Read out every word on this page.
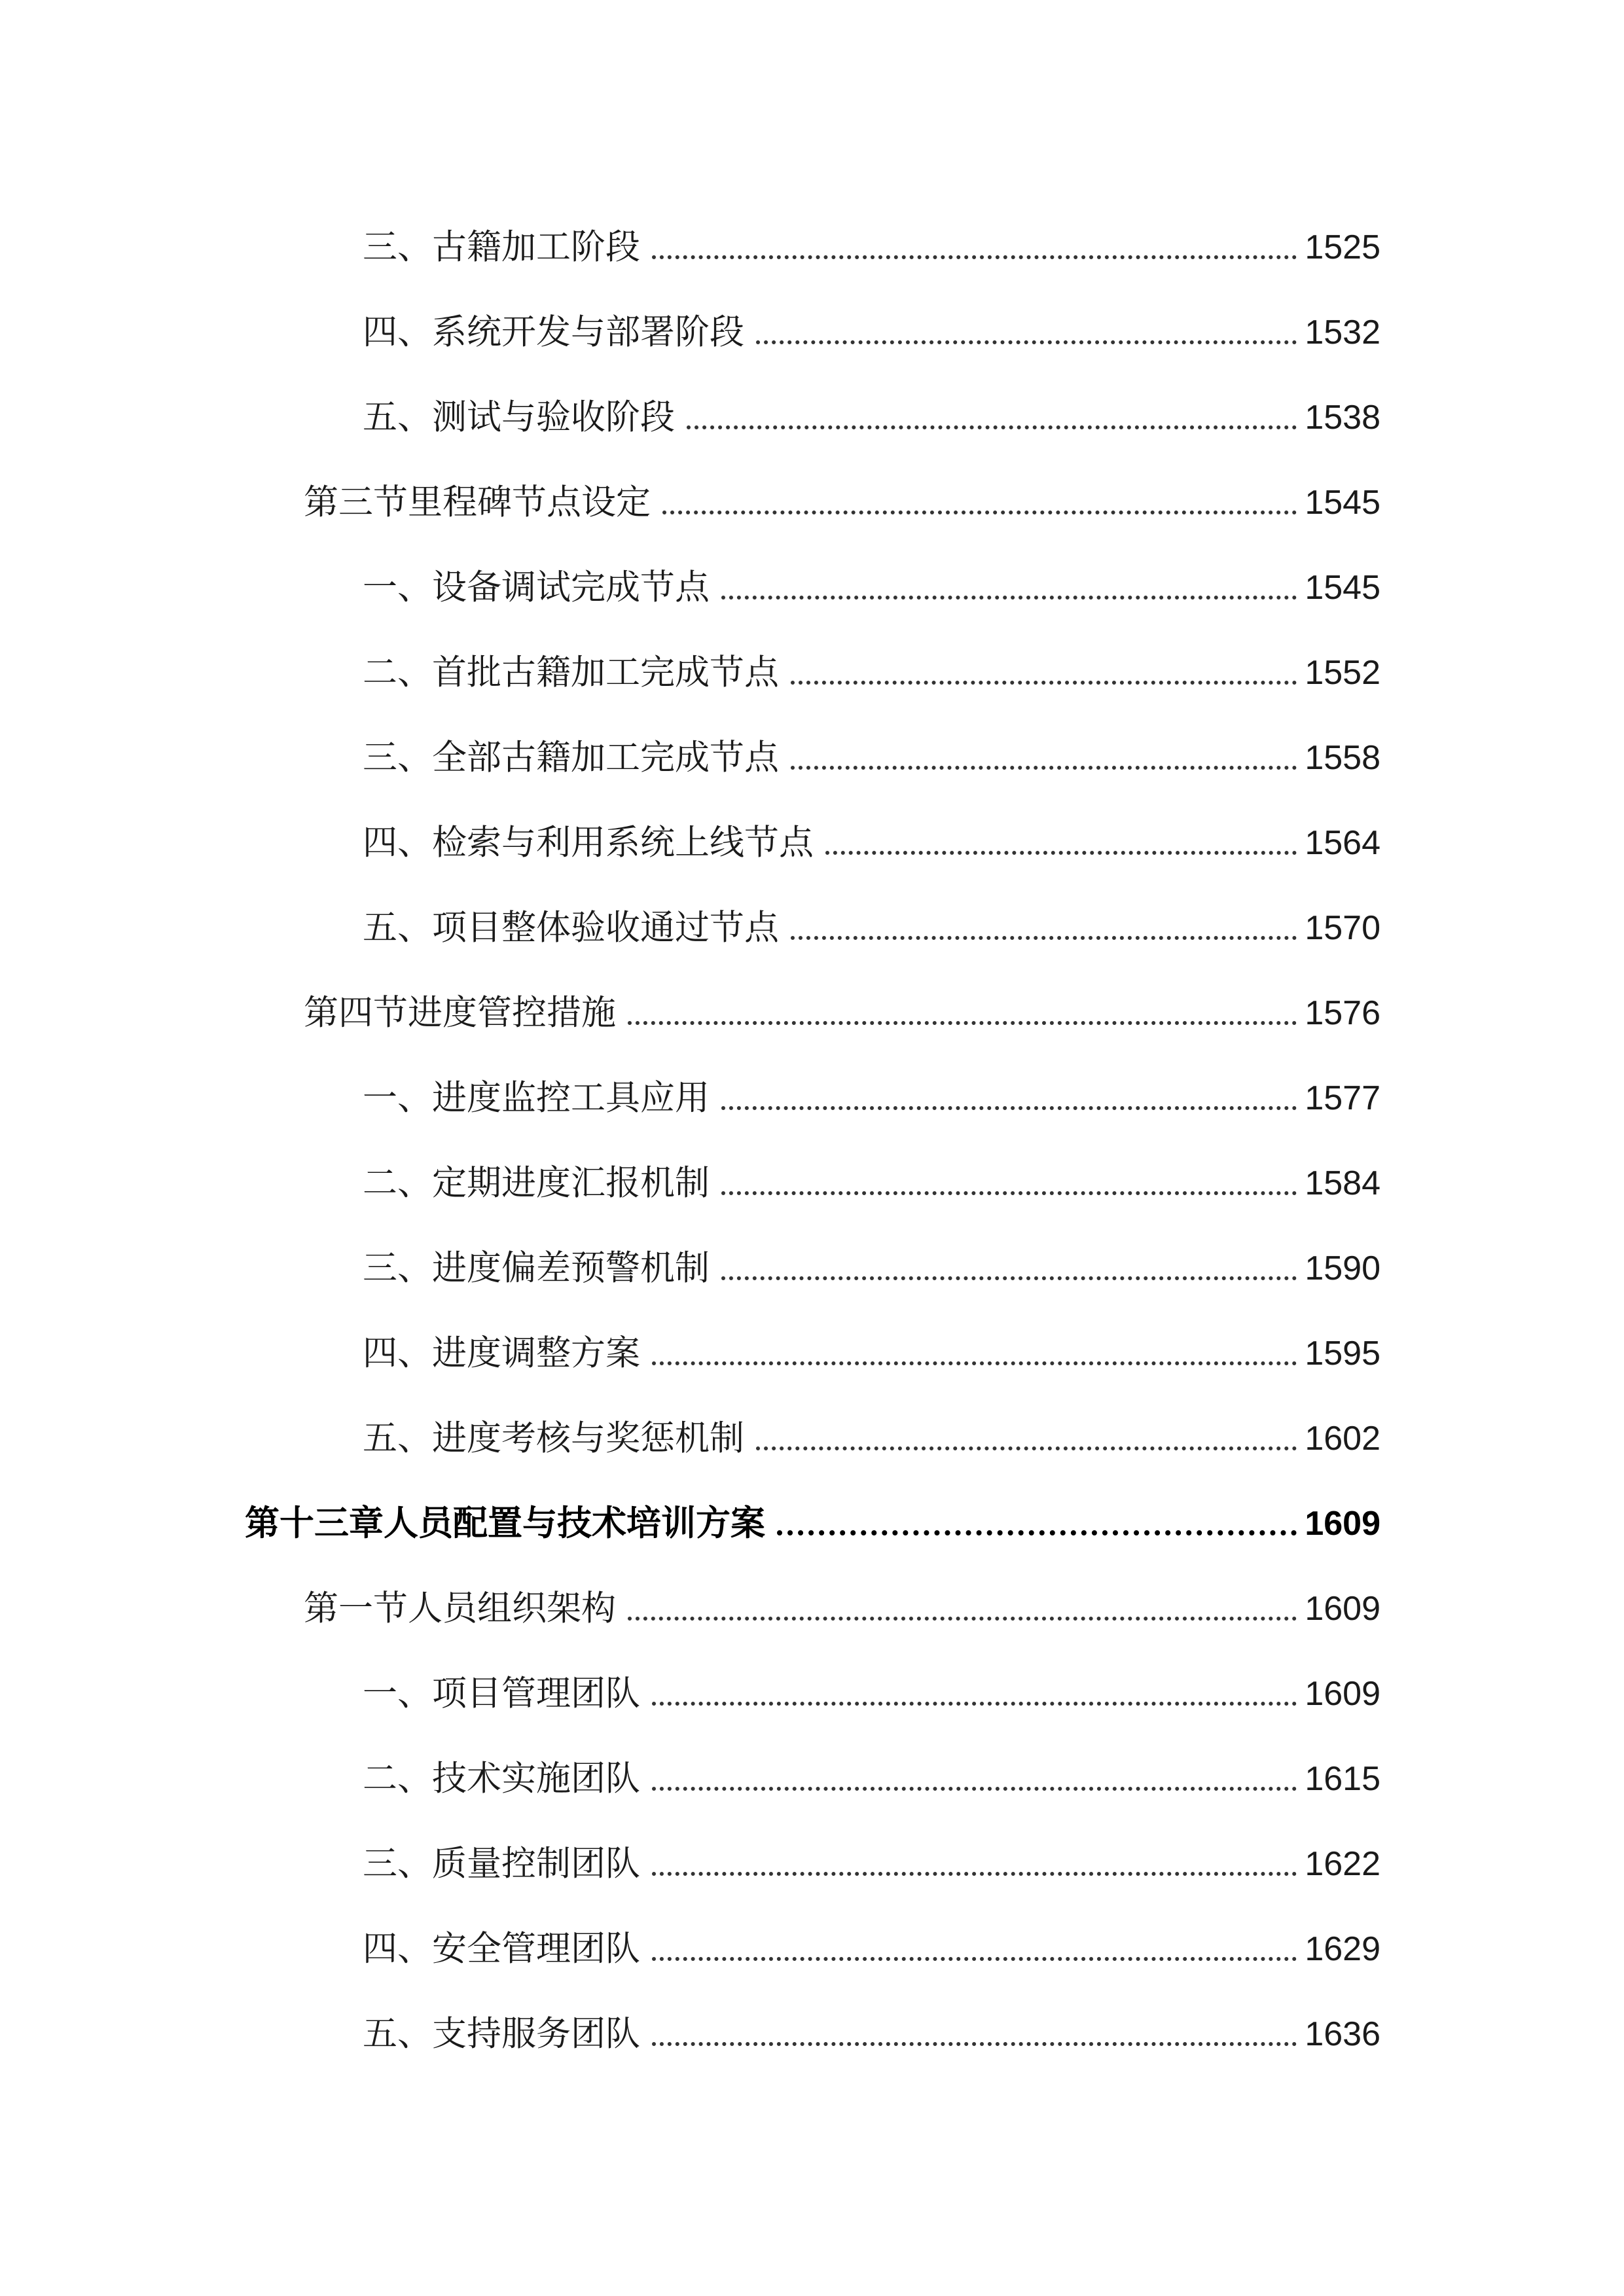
三、古籍加工阶段	1525
四、系统开发与部署阶段	1532
五、测试与验收阶段	1538
第三节里程碑节点设定	1545
一、设备调试完成节点	1545
二、首批古籍加工完成节点	1552
三、全部古籍加工完成节点	1558
四、检索与利用系统上线节点	1564
五、项目整体验收通过节点	1570
第四节进度管控措施	1576
一、进度监控工具应用	1577
二、定期进度汇报机制	1584
三、进度偏差预警机制	1590
四、进度调整方案	1595
五、进度考核与奖惩机制	1602
第十三章人员配置与技术培训方案	1609
第一节人员组织架构	1609
一、项目管理团队	1609
二、技术实施团队	1615
三、质量控制团队	1622
四、安全管理团队	1629
五、支持服务团队	1636
